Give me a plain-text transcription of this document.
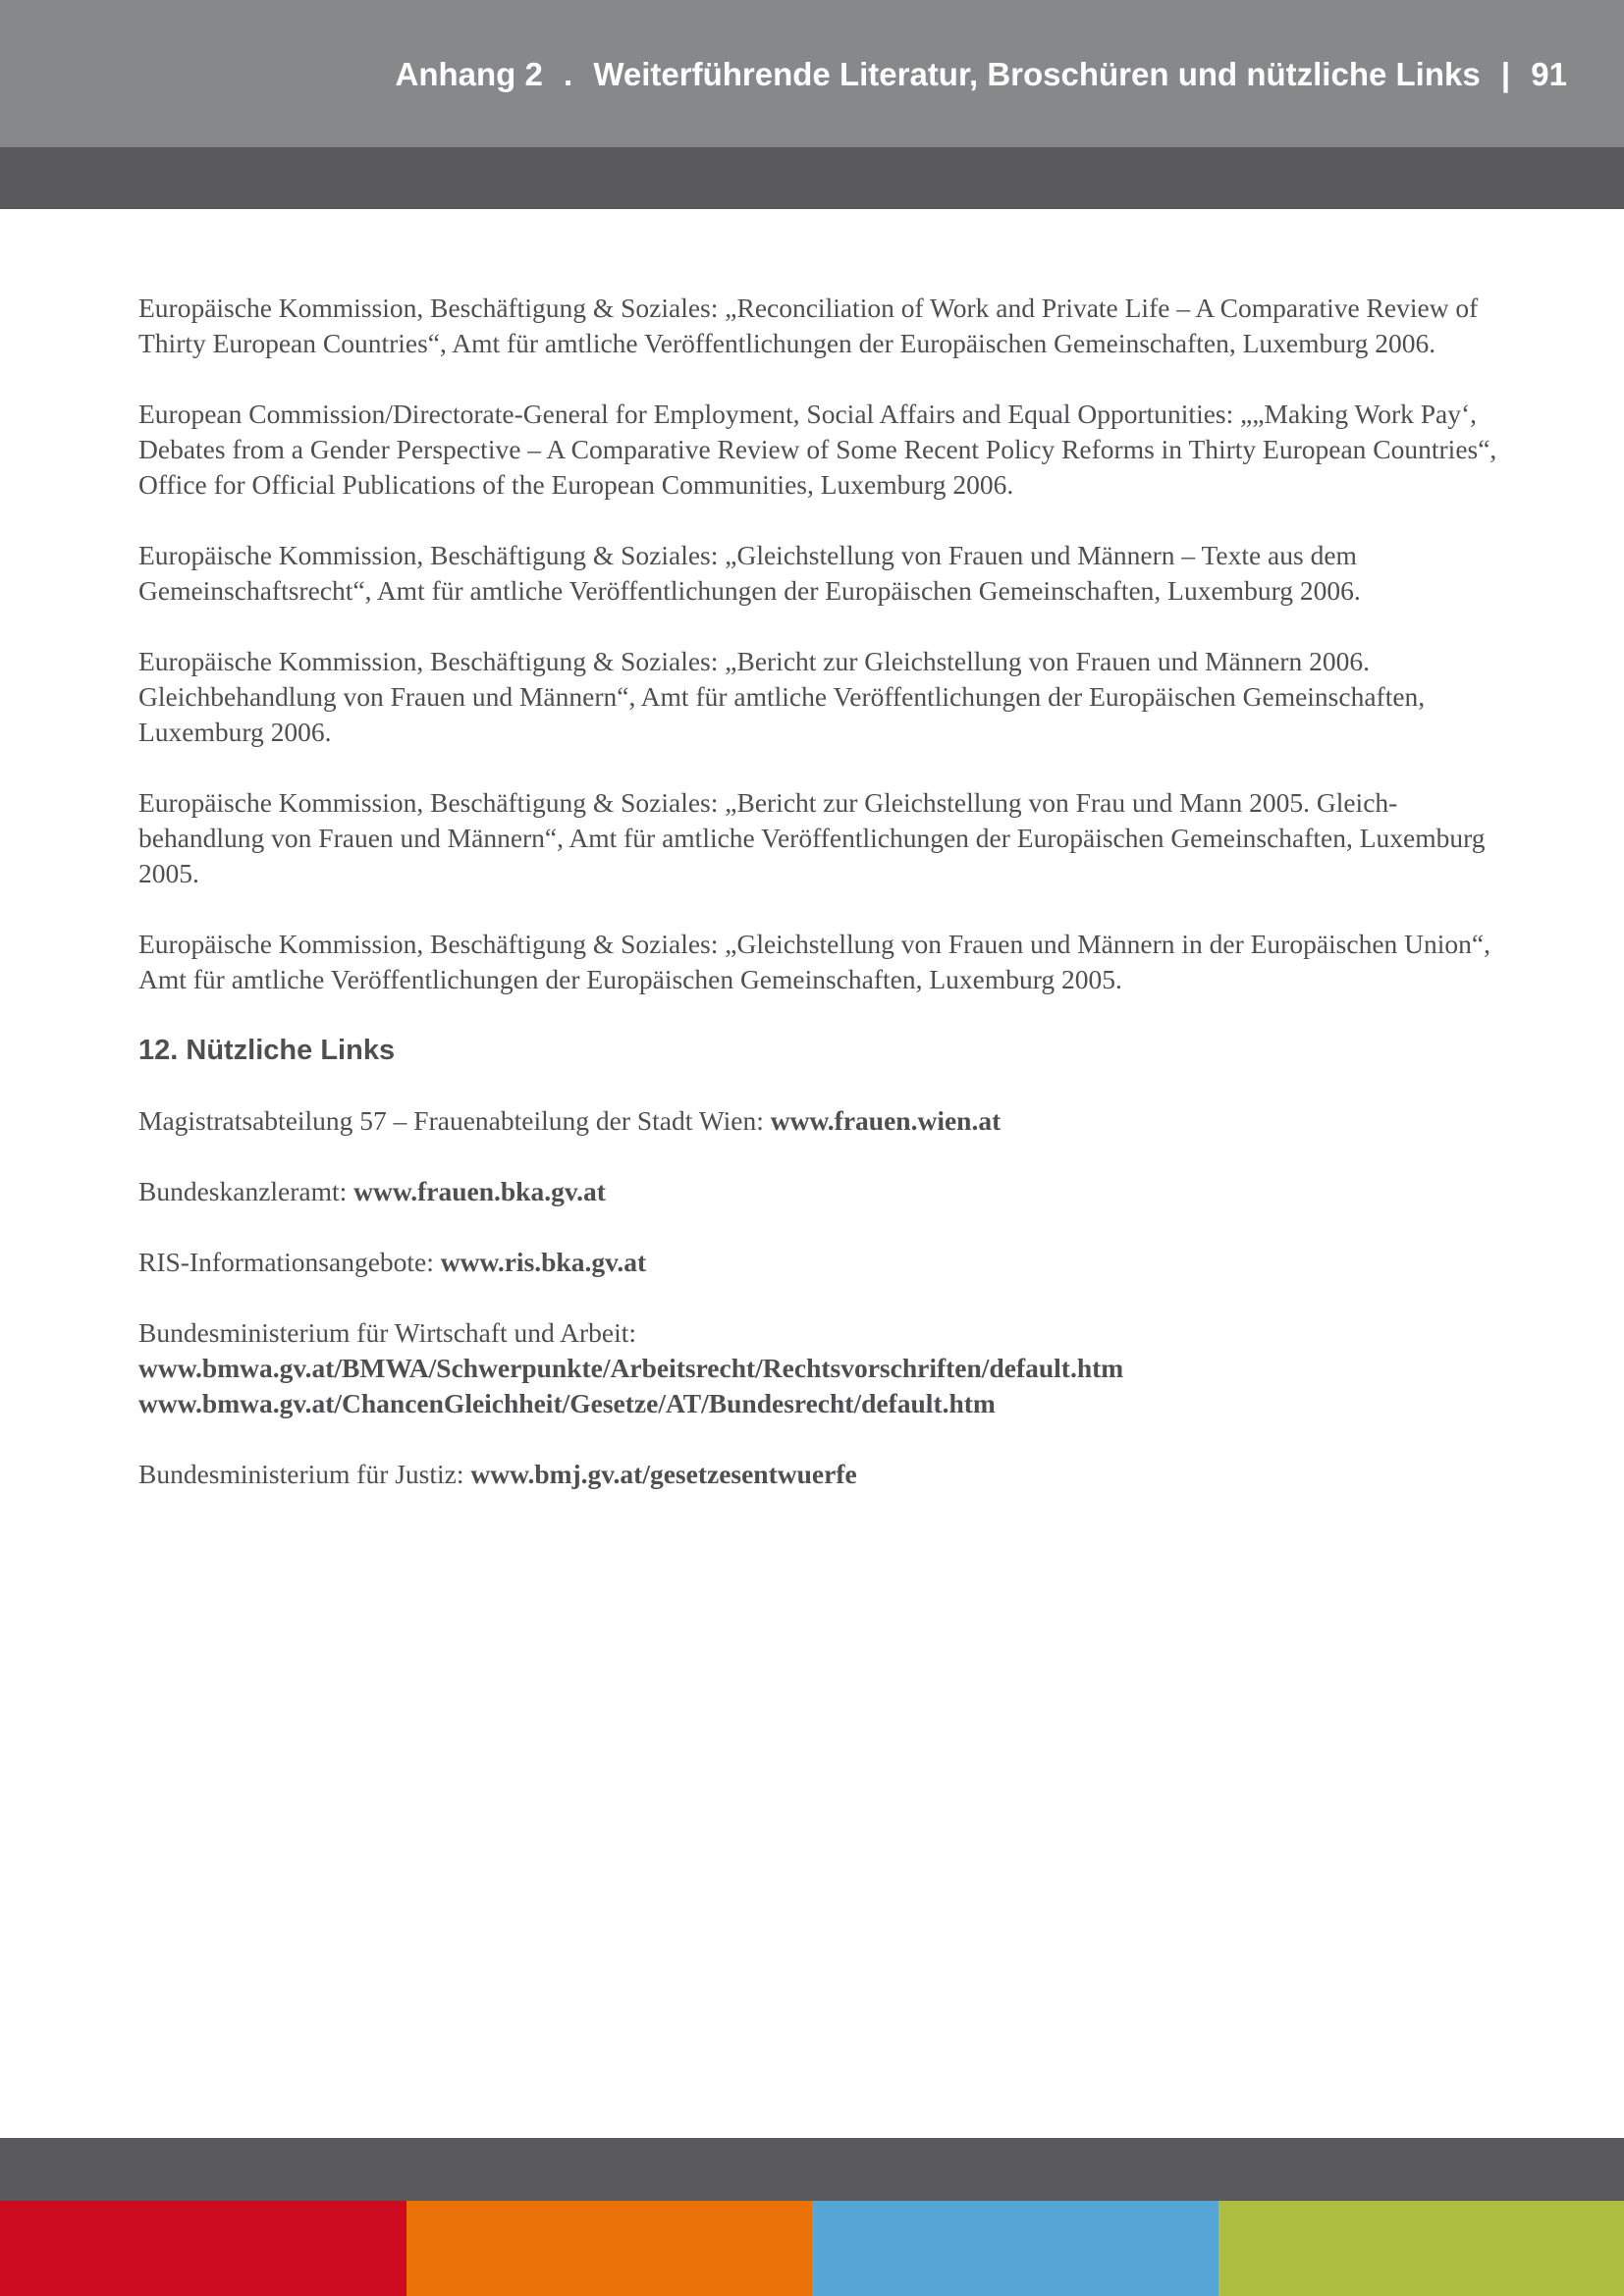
Anhang 2 . Weiterführende Literatur, Broschüren und nützliche Links | 91

Europäische Kommission, Beschäftigung & Soziales: „Reconciliation of Work and Private Life – A Comparative Review of Thirty European Countries“, Amt für amtliche Veröffentlichungen der Europäischen Gemeinschaften, Luxemburg 2006.

European Commission/Directorate-General for Employment, Social Affairs and Equal Opportunities: „„Making Work Pay‘, Debates from a Gender Perspective – A Comparative Review of Some Recent Policy Reforms in Thirty European Countries“, Office for Official Publications of the European Communities, Luxemburg 2006.

Europäische Kommission, Beschäftigung & Soziales: „Gleichstellung von Frauen und Männern – Texte aus dem Gemeinschaftsrecht“, Amt für amtliche Veröffentlichungen der Europäischen Gemeinschaften, Luxemburg 2006.

Europäische Kommission, Beschäftigung & Soziales: „Bericht zur Gleichstellung von Frauen und Männern 2006. Gleichbehandlung von Frauen und Männern“, Amt für amtliche Veröffentlichungen der Europäischen Gemeinschaften, Luxemburg 2006.

Europäische Kommission, Beschäftigung & Soziales: „Bericht zur Gleichstellung von Frau und Mann 2005. Gleich-behandlung von Frauen und Männern“, Amt für amtliche Veröffentlichungen der Europäischen Gemeinschaften, Luxemburg 2005.

Europäische Kommission, Beschäftigung & Soziales: „Gleichstellung von Frauen und Männern in der Europäischen Union“, Amt für amtliche Veröffentlichungen der Europäischen Gemeinschaften, Luxemburg 2005.

12. Nützliche Links
Magistratsabteilung 57 – Frauenabteilung der Stadt Wien: www.frauen.wien.at
Bundeskanzleramt: www.frauen.bka.gv.at
RIS-Informationsangebote: www.ris.bka.gv.at
Bundesministerium für Wirtschaft und Arbeit:
www.bmwa.gv.at/BMWA/Schwerpunkte/Arbeitsrecht/Rechtsvorschriften/default.htm
www.bmwa.gv.at/ChancenGleichheit/Gesetze/AT/Bundesrecht/default.htm
Bundesministerium für Justiz: www.bmj.gv.at/gesetzesentwuerfe
